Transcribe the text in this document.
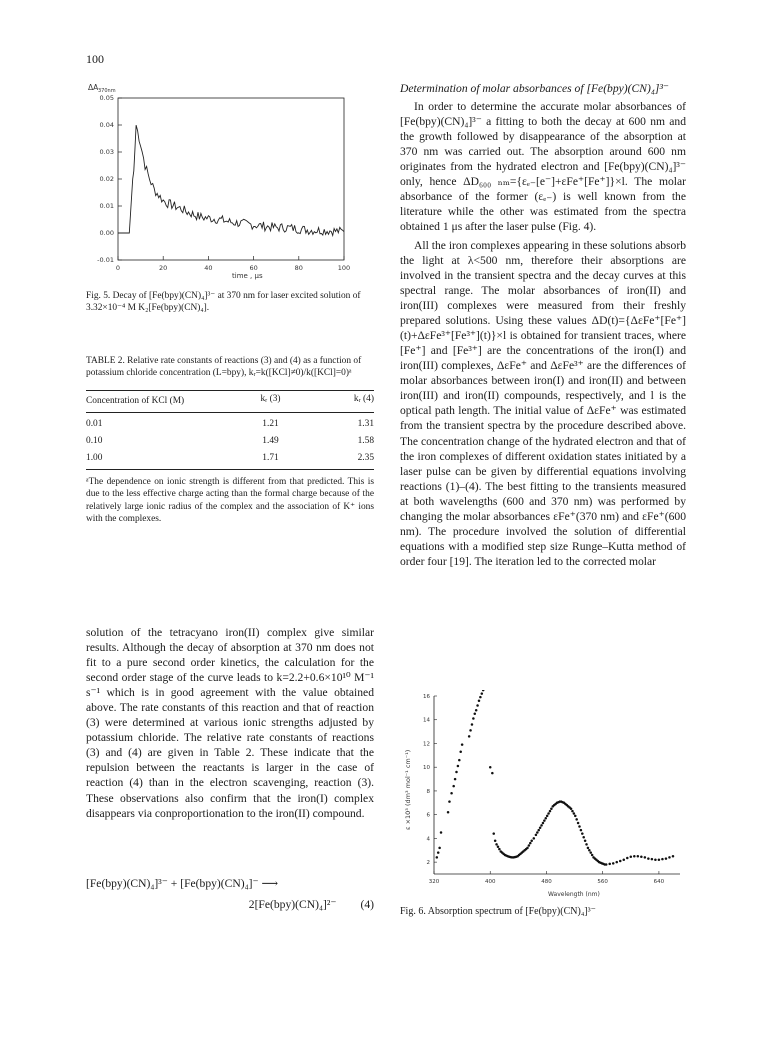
100
ΔA 370nm
0.05
0.04
0.03
0.02
0.01
0.00
-0.01
0	20	40	60	80	100
time , μs
Fig. 5. Decay of [Fe(bpy)(CN)₄]³⁻ at 370 nm for laser excited solution of 3.32×10⁻⁴ M K₂[Fe(bpy)(CN)₄].
TABLE 2. Relative rate constants of reactions (3) and (4) as a function of potassium chloride concentration (L=bpy), kᵣ=k([KCl]≠0)/k([KCl]=0)ᵃ
Concentration of KCl (M)	kᵣ (3)	kᵣ (4)
0.01	1.21	1.31
0.10	1.49	1.58
1.00	1.71	2.35
ᵃThe dependence on ionic strength is different from that predicted. This is due to the less effective charge acting than the formal charge because of the relatively large ionic radius of the complex and the association of K⁺ ions with the complexes.

solution of the tetracyano iron(II) complex give similar results. Although the decay of absorption at 370 nm does not fit to a pure second order kinetics, the calculation for the second order stage of the curve leads to k=2.2+0.6×10¹⁰ M⁻¹ s⁻¹ which is in good agreement with the value obtained above. The rate constants of this reaction and that of reaction (3) were determined at various ionic strengths adjusted by potassium chloride. The relative rate constants of reactions (3) and (4) are given in Table 2. These indicate that the repulsion between the reactants is larger in the case of reaction (4) than in the electron scavenging, reaction (3). These observations also confirm that the iron(I) complex disappears via conproportionation to the iron(II) compound.

[Fe(bpy)(CN)₄]³⁻ + [Fe(bpy)(CN)₄]⁻ ⟶
2[Fe(bpy)(CN)₄]²⁻ (4)
Determination of molar absorbances of [Fe(bpy)(CN)₄]³⁻

In order to determine the accurate molar absorbances of [Fe(bpy)(CN)₄]³⁻ a fitting to both the decay at 600 nm and the growth followed by disappearance of the absorption at 370 nm was carried out. The absorption around 600 nm originates from the hydrated electron and [Fe(bpy)(CN)₄]³⁻ only, hence ΔD₆₀₀ ₙₘ={εₑ₋[e⁻]+εFe⁺[Fe⁺]}×l. The molar absorbance of the former (εₑ₋) is well known from the literature while the other was estimated from the spectra obtained 1 μs after the laser pulse (Fig. 4).

All the iron complexes appearing in these solutions absorb the light at λ<500 nm, therefore their absorptions are involved in the transient spectra and the decay curves at this spectral range. The molar absorbances of iron(II) and iron(III) complexes were measured from their freshly prepared solutions. Using these values ΔD(t)={ΔεFe⁺[Fe⁺](t)+ΔεFe³⁺[Fe³⁺](t)}×l is obtained for transient traces, where [Fe⁺] and [Fe³⁺] are the concentrations of the iron(I) and iron(III) complexes, ΔεFe⁺ and ΔεFe³⁺ are the differences of molar absorbances between iron(I) and iron(II) and between iron(III) and iron(II) compounds, respectively, and l is the optical path length. The initial value of ΔεFe⁺ was estimated from the transient spectra by the procedure described above. The concentration change of the hydrated electron and that of the iron complexes of different oxidation states initiated by a laser pulse can be given by differential equations involving reactions (1)–(4). The best fitting to the transients measured at both wavelengths (600 and 370 nm) was performed by changing the molar absorbances εFe⁺(370 nm) and εFe⁺(600 nm). The procedure involved the solution of differential equations with a modified step size Runge–Kutta method of order four [19]. The iteration led to the corrected molar

16
14
12
10
8
6
4
2
320	400	480	560	640
ε ×10³ (dm³ mol⁻¹ cm⁻¹)
Wavelength (nm)
Fig. 6. Absorption spectrum of [Fe(bpy)(CN)₄]³⁻
